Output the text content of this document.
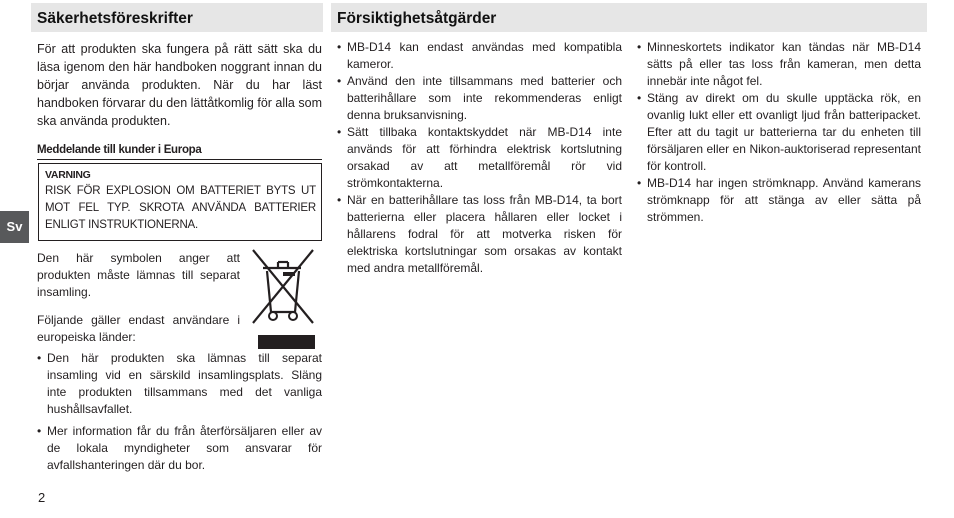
Säkerhetsföreskrifter	Försiktighetsåtgärder
Sv

För att produkten ska fungera på rätt sätt ska du läsa igenom den här handboken noggrant innan du börjar använda produkten. När du har läst handboken förvarar du den lättåtkomlig för alla som ska använda produkten.

Meddelande till kunder i Europa
VARNING
RISK FÖR EXPLOSION OM BATTERIET BYTS UT MOT FEL TYP. SKROTA ANVÄNDA BATTERIER ENLIGT INSTRUKTIONERNA.

Den här symbolen anger att produkten måste lämnas till separat insamling.

Följande gäller endast användare i europeiska länder:

• Den här produkten ska lämnas till separat insamling vid en särskild insamlingsplats. Släng inte produkten tillsammans med det vanliga hushållsavfallet.
• Mer information får du från återförsäljaren eller av de lokala myndigheter som ansvarar för avfallshanteringen där du bor.
• MB-D14 kan endast användas med kompatibla kameror.
• Använd den inte tillsammans med batterier och batterihållare som inte rekommenderas enligt denna bruksanvisning.
• Sätt tillbaka kontaktskyddet när MB-D14 inte används för att förhindra elektrisk kortslutning orsakad av att metallföremål rör vid strömkontakterna.
• När en batterihållare tas loss från MB-D14, ta bort batterierna eller placera hållaren eller locket i hållarens fodral för att motverka risken för elektriska kortslutningar som orsakas av kontakt med andra metallföremål.
• Minneskortets indikator kan tändas när MB-D14 sätts på eller tas loss från kameran, men detta innebär inte något fel.
• Stäng av direkt om du skulle upptäcka rök, en ovanlig lukt eller ett ovanligt ljud från batteripacket. Efter att du tagit ur batterierna tar du enheten till försäljaren eller en Nikon-auktoriserad representant för kontroll.
• MB-D14 har ingen strömknapp. Använd kamerans strömknapp för att stänga av eller sätta på strömmen.
2
